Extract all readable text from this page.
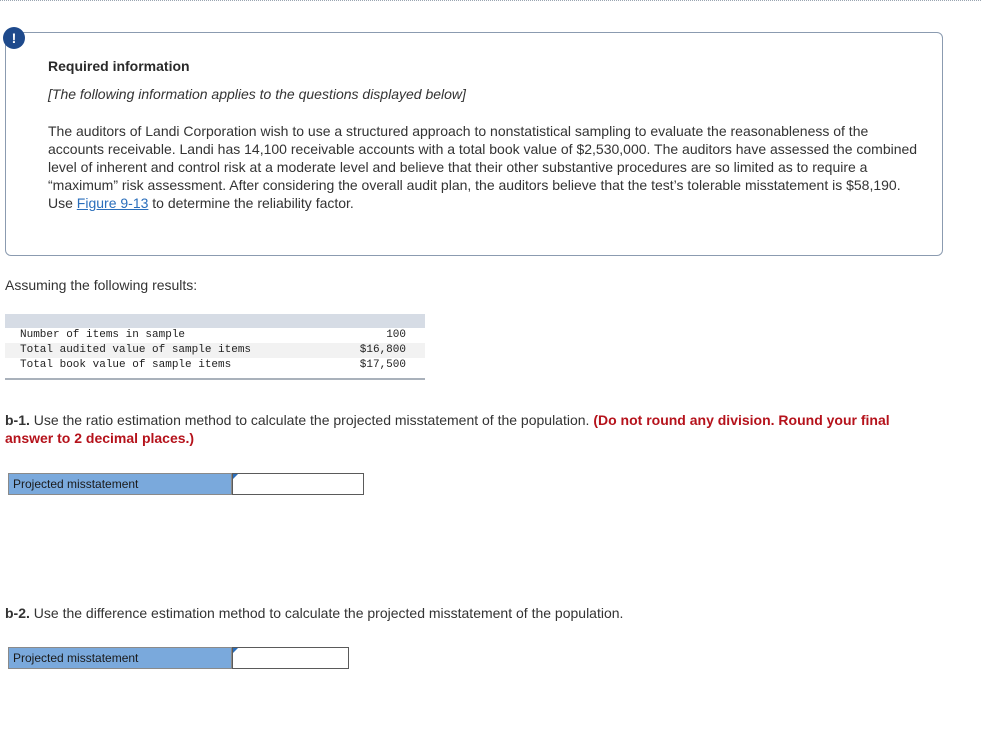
!
Required information
[The following information applies to the questions displayed below]
The auditors of Landi Corporation wish to use a structured approach to nonstatistical sampling to evaluate the reasonableness of the accounts receivable. Landi has 14,100 receivable accounts with a total book value of $2,530,000. The auditors have assessed the combined level of inherent and control risk at a moderate level and believe that their other substantive procedures are so limited as to require a “maximum” risk assessment. After considering the overall audit plan, the auditors believe that the test’s tolerable misstatement is $58,190. Use Figure 9-13 to determine the reliability factor.
Assuming the following results:

Number of items in sample	100
Total audited value of sample items	$16,800
Total book value of sample items	$17,500

b-1. Use the ratio estimation method to calculate the projected misstatement of the population. (Do not round any division. Round your final answer to 2 decimal places.)
Projected misstatement
b-2. Use the difference estimation method to calculate the projected misstatement of the population.
Projected misstatement
